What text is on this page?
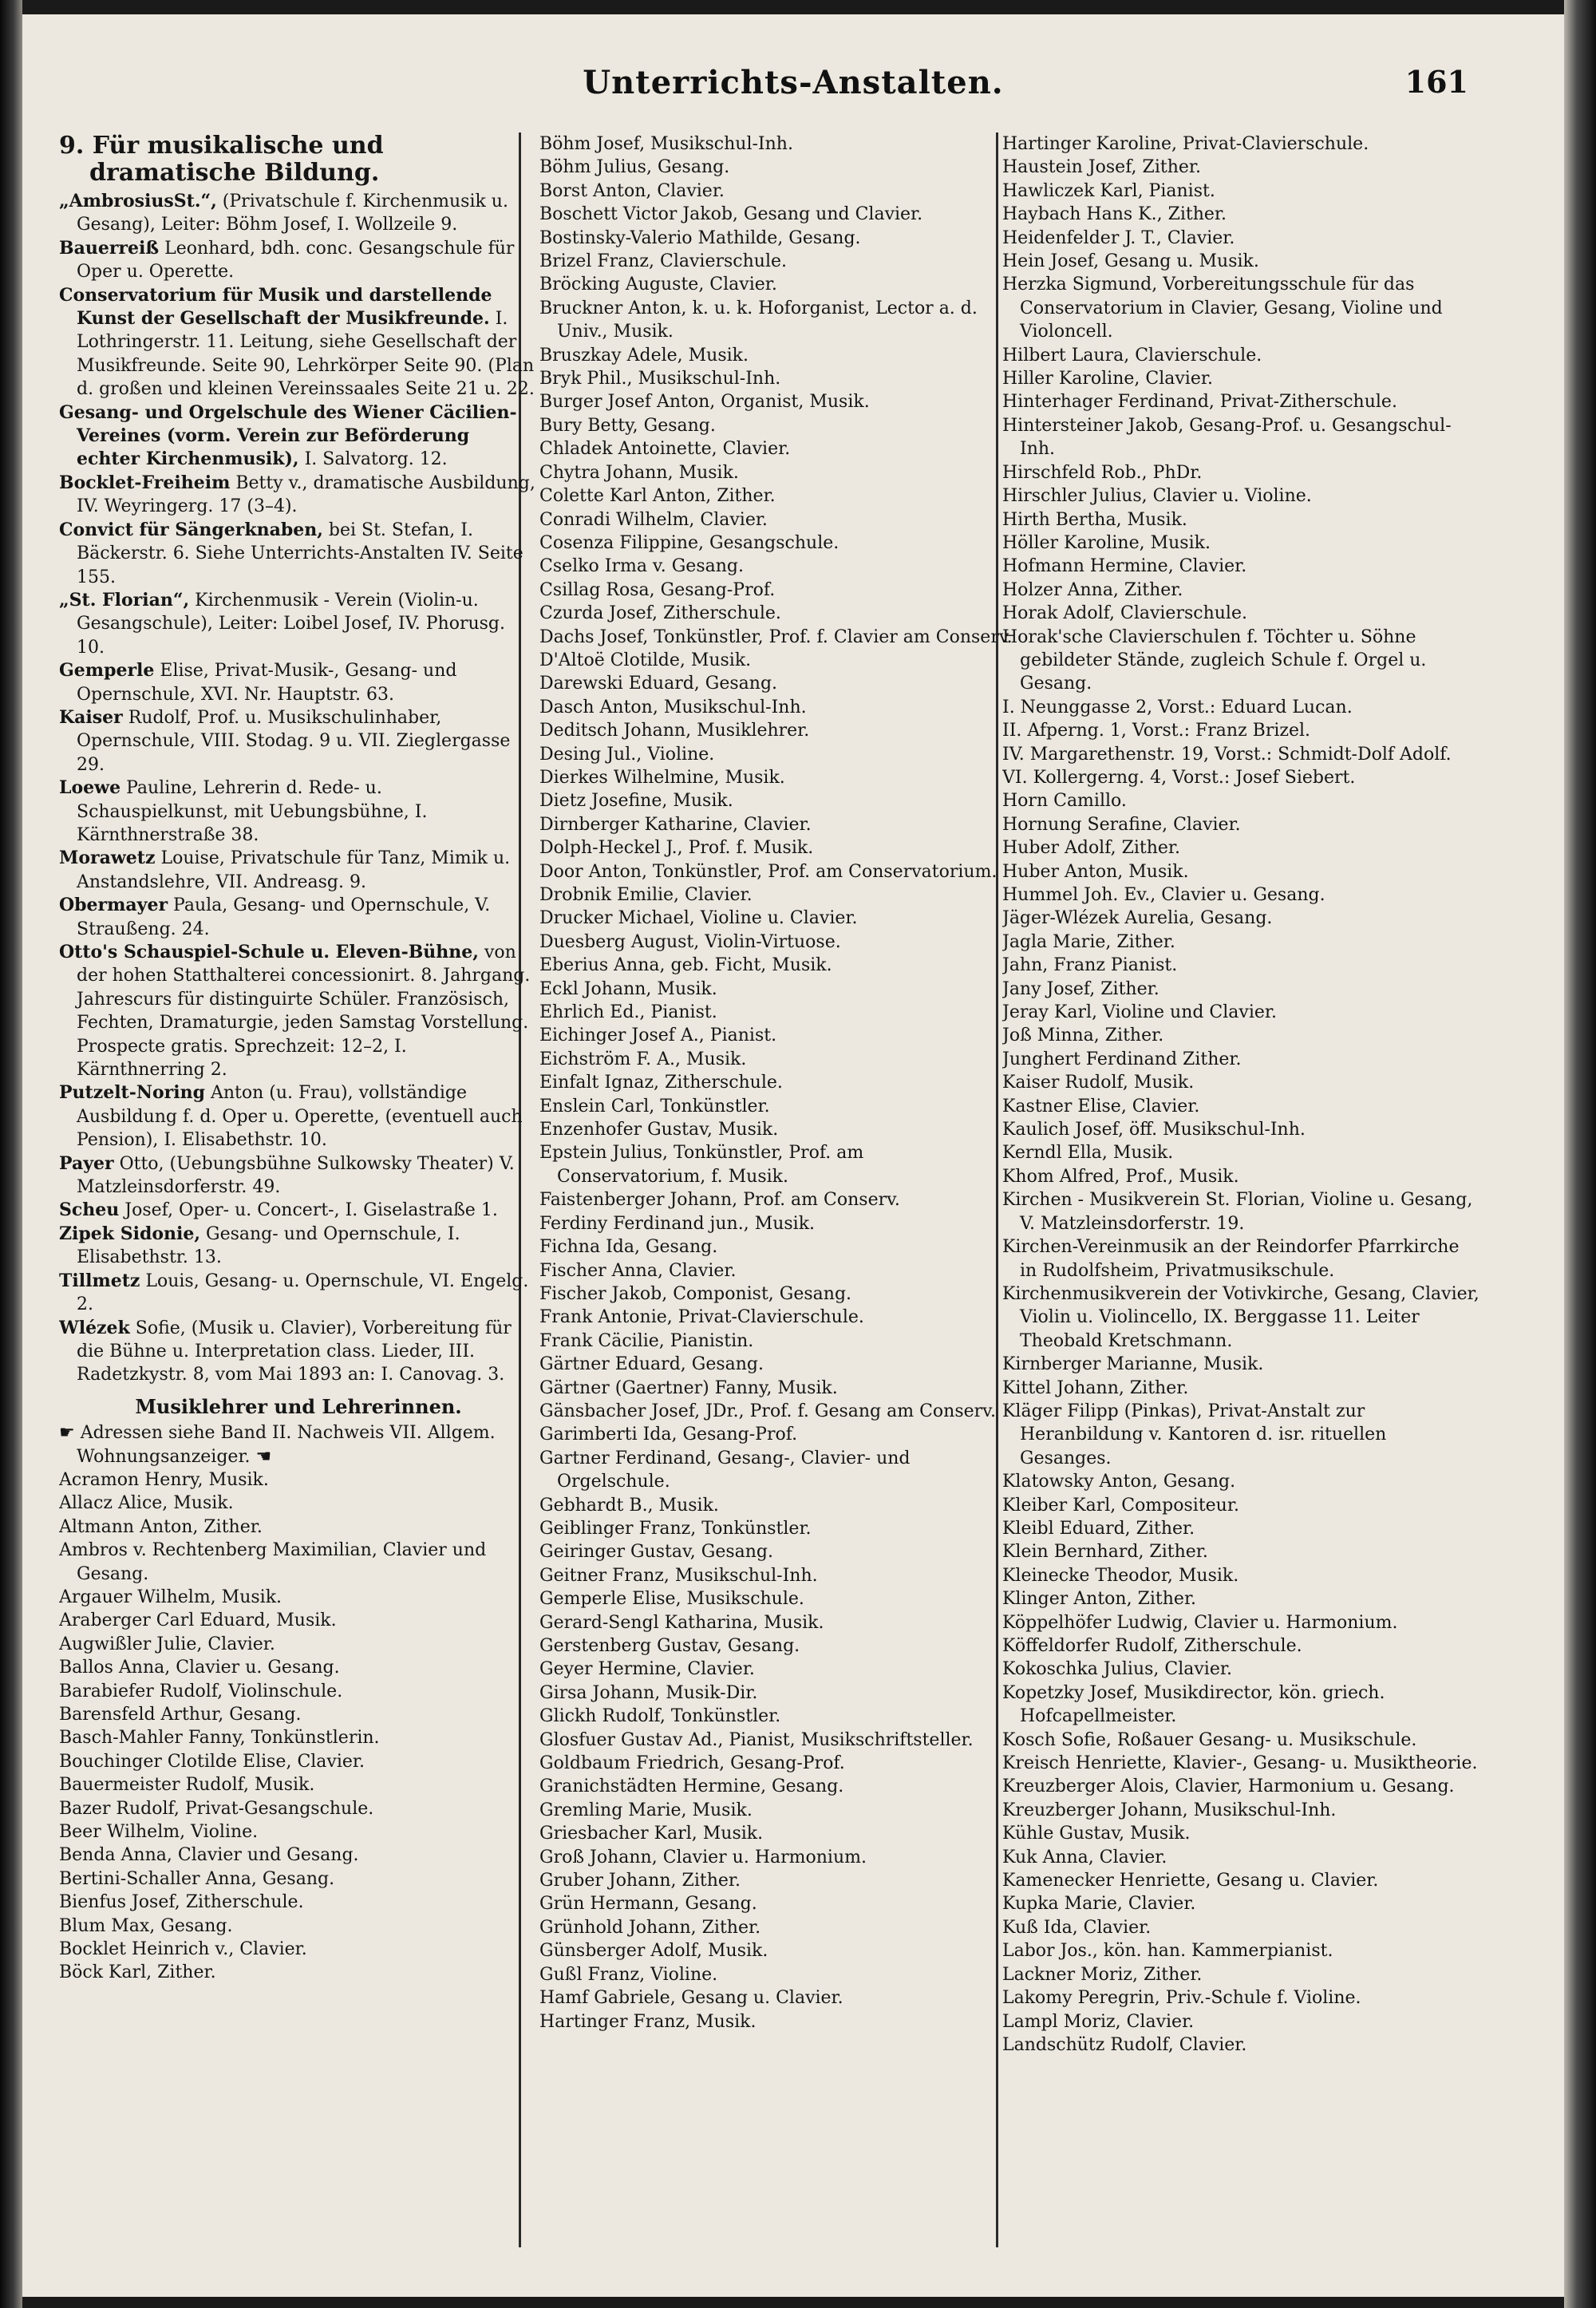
Unterrichts-Anstalten.	161
9. Für musikalische und dramatische Bildung.
„AmbrosiusSt.“, (Privatschule f. Kirchenmusik u. Gesang), Leiter: Böhm Josef, I. Wollzeile 9.
Bauerreiß Leonhard, bdh. conc. Gesangschule für Oper u. Operette.
Conservatorium für Musik und darstellende Kunst der Gesellschaft der Musikfreunde. I. Lothringerstr. 11. Leitung, siehe Gesellschaft der Musikfreunde. Seite 90, Lehrkörper Seite 90. (Plan d. großen und kleinen Vereinssaales Seite 21 u. 22.
Gesang- und Orgelschule des Wiener Cäcilien-Vereines (vorm. Verein zur Beförderung echter Kirchenmusik), I. Salvatorg. 12.
Bocklet-Freiheim Betty v., dramatische Ausbildung, IV. Weyringerg. 17 (3–4).
Convict für Sängerknaben, bei St. Stefan, I. Bäckerstr. 6. Siehe Unterrichts-Anstalten IV. Seite 155.
„St. Florian“, Kirchenmusik - Verein (Violin-u. Gesangschule), Leiter: Loibel Josef, IV. Phorusg. 10.
Gemperle Elise, Privat-Musik-, Gesang- und Opernschule, XVI. Nr. Hauptstr. 63.
Kaiser Rudolf, Prof. u. Musikschulinhaber, Opernschule, VIII. Stodag. 9 u. VII. Zieglergasse 29.
Loewe Pauline, Lehrerin d. Rede- u. Schauspielkunst, mit Uebungsbühne, I. Kärnthnerstraße 38.
Morawetz Louise, Privatschule für Tanz, Mimik u. Anstandslehre, VII. Andreasg. 9.
Obermayer Paula, Gesang- und Opernschule, V. Straußeng. 24.
Otto's Schauspiel-Schule u. Eleven-Bühne, von der hohen Statthalterei concessionirt. 8. Jahrgang. Jahrescurs für distinguirte Schüler. Französisch, Fechten, Dramaturgie, jeden Samstag Vorstellung. Prospecte gratis. Sprechzeit: 12–2, I. Kärnthnerring 2.
Putzelt-Noring Anton (u. Frau), vollständige Ausbildung f. d. Oper u. Operette, (eventuell auch Pension), I. Elisabethstr. 10.
Payer Otto, (Uebungsbühne Sulkowsky Theater) V. Matzleinsdorferstr. 49.
Scheu Josef, Oper- u. Concert-, I. Giselastraße 1.
Zipek Sidonie, Gesang- und Opernschule, I. Elisabethstr. 13.
Tillmetz Louis, Gesang- u. Opernschule, VI. Engelg. 2.
Wlézek Sofie, (Musik u. Clavier), Vorbereitung für die Bühne u. Interpretation class. Lieder, III. Radetzkystr. 8, vom Mai 1893 an: I. Canovag. 3.
Musiklehrer und Lehrerinnen.
☛ Adressen siehe Band II. Nachweis VII. Allgem. Wohnungsanzeiger. ☚
Acramon Henry, Musik.
Allacz Alice, Musik.
Altmann Anton, Zither.
Ambros v. Rechtenberg Maximilian, Clavier und Gesang.
Argauer Wilhelm, Musik.
Araberger Carl Eduard, Musik.
Augwißler Julie, Clavier.
Ballos Anna, Clavier u. Gesang.
Barabiefer Rudolf, Violinschule.
Barensfeld Arthur, Gesang.
Basch-Mahler Fanny, Tonkünstlerin.
Bouchinger Clotilde Elise, Clavier.
Bauermeister Rudolf, Musik.
Bazer Rudolf, Privat-Gesangschule.
Beer Wilhelm, Violine.
Benda Anna, Clavier und Gesang.
Bertini-Schaller Anna, Gesang.
Bienfus Josef, Zitherschule.
Blum Max, Gesang.
Bocklet Heinrich v., Clavier.
Böck Karl, Zither.
Böhm Josef, Musikschul-Inh.
Böhm Julius, Gesang.
Borst Anton, Clavier.
Boschett Victor Jakob, Gesang und Clavier.
Bostinsky-Valerio Mathilde, Gesang.
Brizel Franz, Clavierschule.
Bröcking Auguste, Clavier.
Bruckner Anton, k. u. k. Hoforganist, Lector a. d. Univ., Musik.
Bruszkay Adele, Musik.
Bryk Phil., Musikschul-Inh.
Burger Josef Anton, Organist, Musik.
Bury Betty, Gesang.
Chladek Antoinette, Clavier.
Chytra Johann, Musik.
Colette Karl Anton, Zither.
Conradi Wilhelm, Clavier.
Cosenza Filippine, Gesangschule.
Cselko Irma v. Gesang.
Csillag Rosa, Gesang-Prof.
Czurda Josef, Zitherschule.
Dachs Josef, Tonkünstler, Prof. f. Clavier am Conserv.
D'Altoë Clotilde, Musik.
Darewski Eduard, Gesang.
Dasch Anton, Musikschul-Inh.
Deditsch Johann, Musiklehrer.
Desing Jul., Violine.
Dierkes Wilhelmine, Musik.
Dietz Josefine, Musik.
Dirnberger Katharine, Clavier.
Dolph-Heckel J., Prof. f. Musik.
Door Anton, Tonkünstler, Prof. am Conservatorium.
Drobnik Emilie, Clavier.
Drucker Michael, Violine u. Clavier.
Duesberg August, Violin-Virtuose.
Eberius Anna, geb. Ficht, Musik.
Eckl Johann, Musik.
Ehrlich Ed., Pianist.
Eichinger Josef A., Pianist.
Eichström F. A., Musik.
Einfalt Ignaz, Zitherschule.
Enslein Carl, Tonkünstler.
Enzenhofer Gustav, Musik.
Epstein Julius, Tonkünstler, Prof. am Conservatorium, f. Musik.
Faistenberger Johann, Prof. am Conserv.
Ferdiny Ferdinand jun., Musik.
Fichna Ida, Gesang.
Fischer Anna, Clavier.
Fischer Jakob, Componist, Gesang.
Frank Antonie, Privat-Clavierschule.
Frank Cäcilie, Pianistin.
Gärtner Eduard, Gesang.
Gärtner (Gaertner) Fanny, Musik.
Gänsbacher Josef, JDr., Prof. f. Gesang am Conserv.
Garimberti Ida, Gesang-Prof.
Gartner Ferdinand, Gesang-, Clavier- und Orgelschule.
Gebhardt B., Musik.
Geiblinger Franz, Tonkünstler.
Geiringer Gustav, Gesang.
Geitner Franz, Musikschul-Inh.
Gemperle Elise, Musikschule.
Gerard-Sengl Katharina, Musik.
Gerstenberg Gustav, Gesang.
Geyer Hermine, Clavier.
Girsa Johann, Musik-Dir.
Glickh Rudolf, Tonkünstler.
Glosfuer Gustav Ad., Pianist, Musikschriftsteller.
Goldbaum Friedrich, Gesang-Prof.
Granichstädten Hermine, Gesang.
Gremling Marie, Musik.
Griesbacher Karl, Musik.
Groß Johann, Clavier u. Harmonium.
Gruber Johann, Zither.
Grün Hermann, Gesang.
Grünhold Johann, Zither.
Günsberger Adolf, Musik.
Gußl Franz, Violine.
Hamf Gabriele, Gesang u. Clavier.
Hartinger Franz, Musik.
Hartinger Karoline, Privat-Clavierschule.
Haustein Josef, Zither.
Hawliczek Karl, Pianist.
Haybach Hans K., Zither.
Heidenfelder J. T., Clavier.
Hein Josef, Gesang u. Musik.
Herzka Sigmund, Vorbereitungsschule für das Conservatorium in Clavier, Gesang, Violine und Violoncell.
Hilbert Laura, Clavierschule.
Hiller Karoline, Clavier.
Hinterhager Ferdinand, Privat-Zitherschule.
Hintersteiner Jakob, Gesang-Prof. u. Gesangschul-Inh.
Hirschfeld Rob., PhDr.
Hirschler Julius, Clavier u. Violine.
Hirth Bertha, Musik.
Höller Karoline, Musik.
Hofmann Hermine, Clavier.
Holzer Anna, Zither.
Horak Adolf, Clavierschule.
Horak'sche Clavierschulen f. Töchter u. Söhne gebildeter Stände, zugleich Schule f. Orgel u. Gesang.
I. Neunggasse 2, Vorst.: Eduard Lucan.
II. Afperng. 1, Vorst.: Franz Brizel.
IV. Margarethenstr. 19, Vorst.: Schmidt-Dolf Adolf.
VI. Kollergerng. 4, Vorst.: Josef Siebert.
Horn Camillo.
Hornung Serafine, Clavier.
Huber Adolf, Zither.
Huber Anton, Musik.
Hummel Joh. Ev., Clavier u. Gesang.
Jäger-Wlézek Aurelia, Gesang.
Jagla Marie, Zither.
Jahn, Franz Pianist.
Jany Josef, Zither.
Jeray Karl, Violine und Clavier.
Joß Minna, Zither.
Junghert Ferdinand Zither.
Kaiser Rudolf, Musik.
Kastner Elise, Clavier.
Kaulich Josef, öff. Musikschul-Inh.
Kerndl Ella, Musik.
Khom Alfred, Prof., Musik.
Kirchen - Musikverein St. Florian, Violine u. Gesang, V. Matzleinsdorferstr. 19.
Kirchen-Vereinmusik an der Reindorfer Pfarrkirche in Rudolfsheim, Privatmusikschule.
Kirchenmusikverein der Votivkirche, Gesang, Clavier, Violin u. Violincello, IX. Berggasse 11. Leiter Theobald Kretschmann.
Kirnberger Marianne, Musik.
Kittel Johann, Zither.
Kläger Filipp (Pinkas), Privat-Anstalt zur Heranbildung v. Kantoren d. isr. rituellen Gesanges.
Klatowsky Anton, Gesang.
Kleiber Karl, Compositeur.
Kleibl Eduard, Zither.
Klein Bernhard, Zither.
Kleinecke Theodor, Musik.
Klinger Anton, Zither.
Köppelhöfer Ludwig, Clavier u. Harmonium.
Köffeldorfer Rudolf, Zitherschule.
Kokoschka Julius, Clavier.
Kopetzky Josef, Musikdirector, kön. griech. Hofcapellmeister.
Kosch Sofie, Roßauer Gesang- u. Musikschule.
Kreisch Henriette, Klavier-, Gesang- u. Musiktheorie.
Kreuzberger Alois, Clavier, Harmonium u. Gesang.
Kreuzberger Johann, Musikschul-Inh.
Kühle Gustav, Musik.
Kuk Anna, Clavier.
Kamenecker Henriette, Gesang u. Clavier.
Kupka Marie, Clavier.
Kuß Ida, Clavier.
Labor Jos., kön. han. Kammerpianist.
Lackner Moriz, Zither.
Lakomy Peregrin, Priv.-Schule f. Violine.
Lampl Moriz, Clavier.
Landschütz Rudolf, Clavier.
